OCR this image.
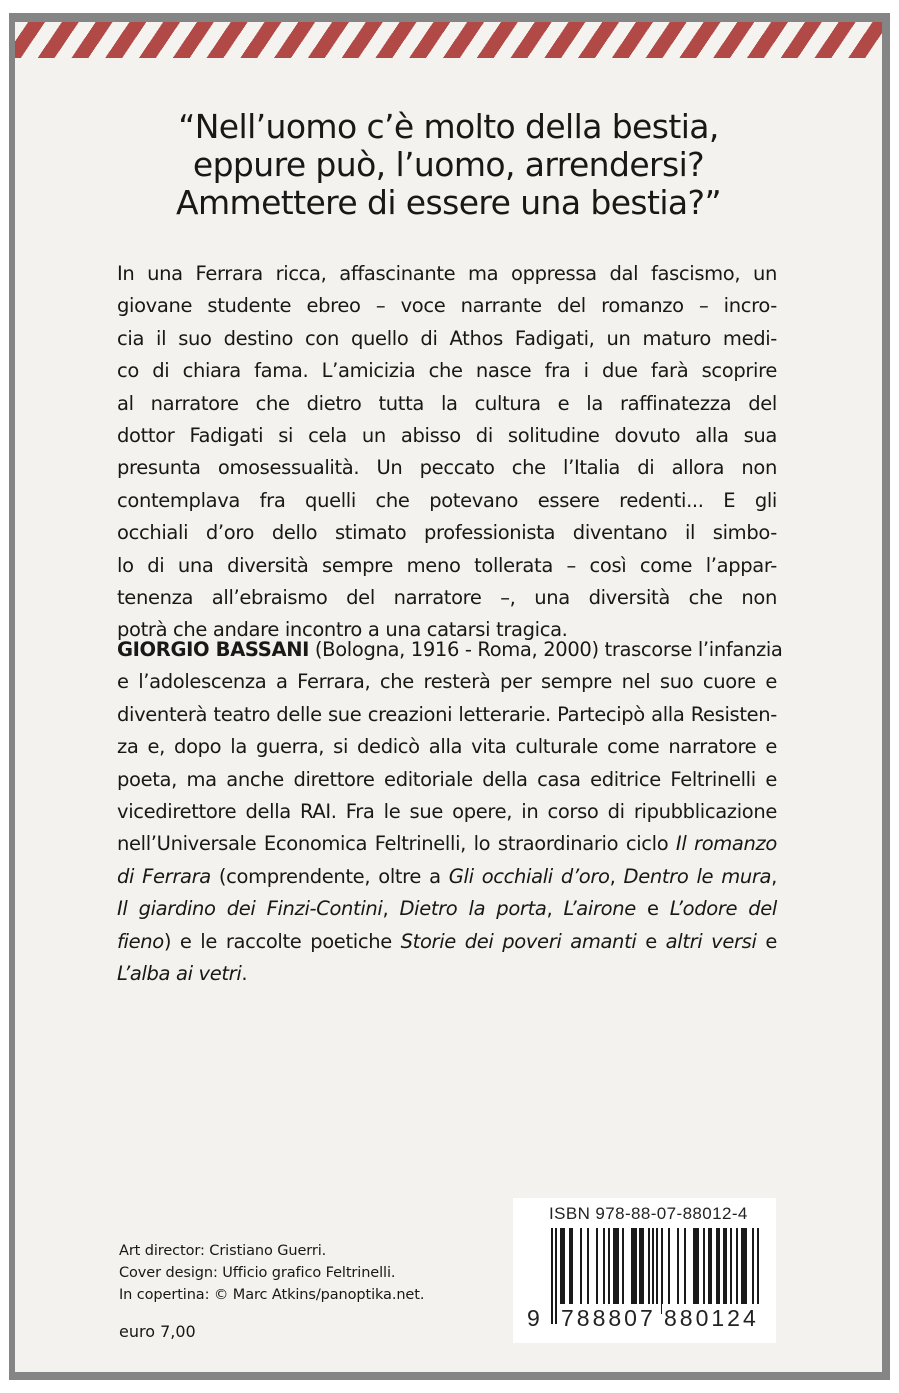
“Nell’uomo c’è molto della bestia,
eppure può, l’uomo, arrendersi?
Ammettere di essere una bestia?”
In una Ferrara ricca, affascinante ma oppressa dal fascismo, un
giovane studente ebreo – voce narrante del romanzo – incro-
cia il suo destino con quello di Athos Fadigati, un maturo medi-
co di chiara fama. L’amicizia che nasce fra i due farà scoprire
al narratore che dietro tutta la cultura e la raffinatezza del
dottor Fadigati si cela un abisso di solitudine dovuto alla sua
presunta omosessualità. Un peccato che l’Italia di allora non
contemplava fra quelli che potevano essere redenti... E gli
occhiali d’oro dello stimato professionista diventano il simbo-
lo di una diversità sempre meno tollerata – così come l’appar-
tenenza all’ebraismo del narratore –, una diversità che non
potrà che andare incontro a una catarsi tragica.
GIORGIO BASSANI (Bologna, 1916 - Roma, 2000) trascorse l’infanzia
e l’adolescenza a Ferrara, che resterà per sempre nel suo cuore e
diventerà teatro delle sue creazioni letterarie. Partecipò alla Resisten-
za e, dopo la guerra, si dedicò alla vita culturale come narratore e
poeta, ma anche direttore editoriale della casa editrice Feltrinelli e
vicedirettore della RAI. Fra le sue opere, in corso di ripubblicazione
nell’Universale Economica Feltrinelli, lo straordinario ciclo Il romanzo
di Ferrara (comprendente, oltre a Gli occhiali d’oro, Dentro le mura,
Il giardino dei Finzi-Contini, Dietro la porta, L’airone e L’odore del
fieno) e le raccolte poetiche Storie dei poveri amanti e altri versi e
L’alba ai vetri.
Art director: Cristiano Guerri.
Cover design: Ufficio grafico Feltrinelli.
In copertina: © Marc Atkins/panoptika.net.
euro 7,00
ISBN 978-88-07-88012-4
9 788807 880124
